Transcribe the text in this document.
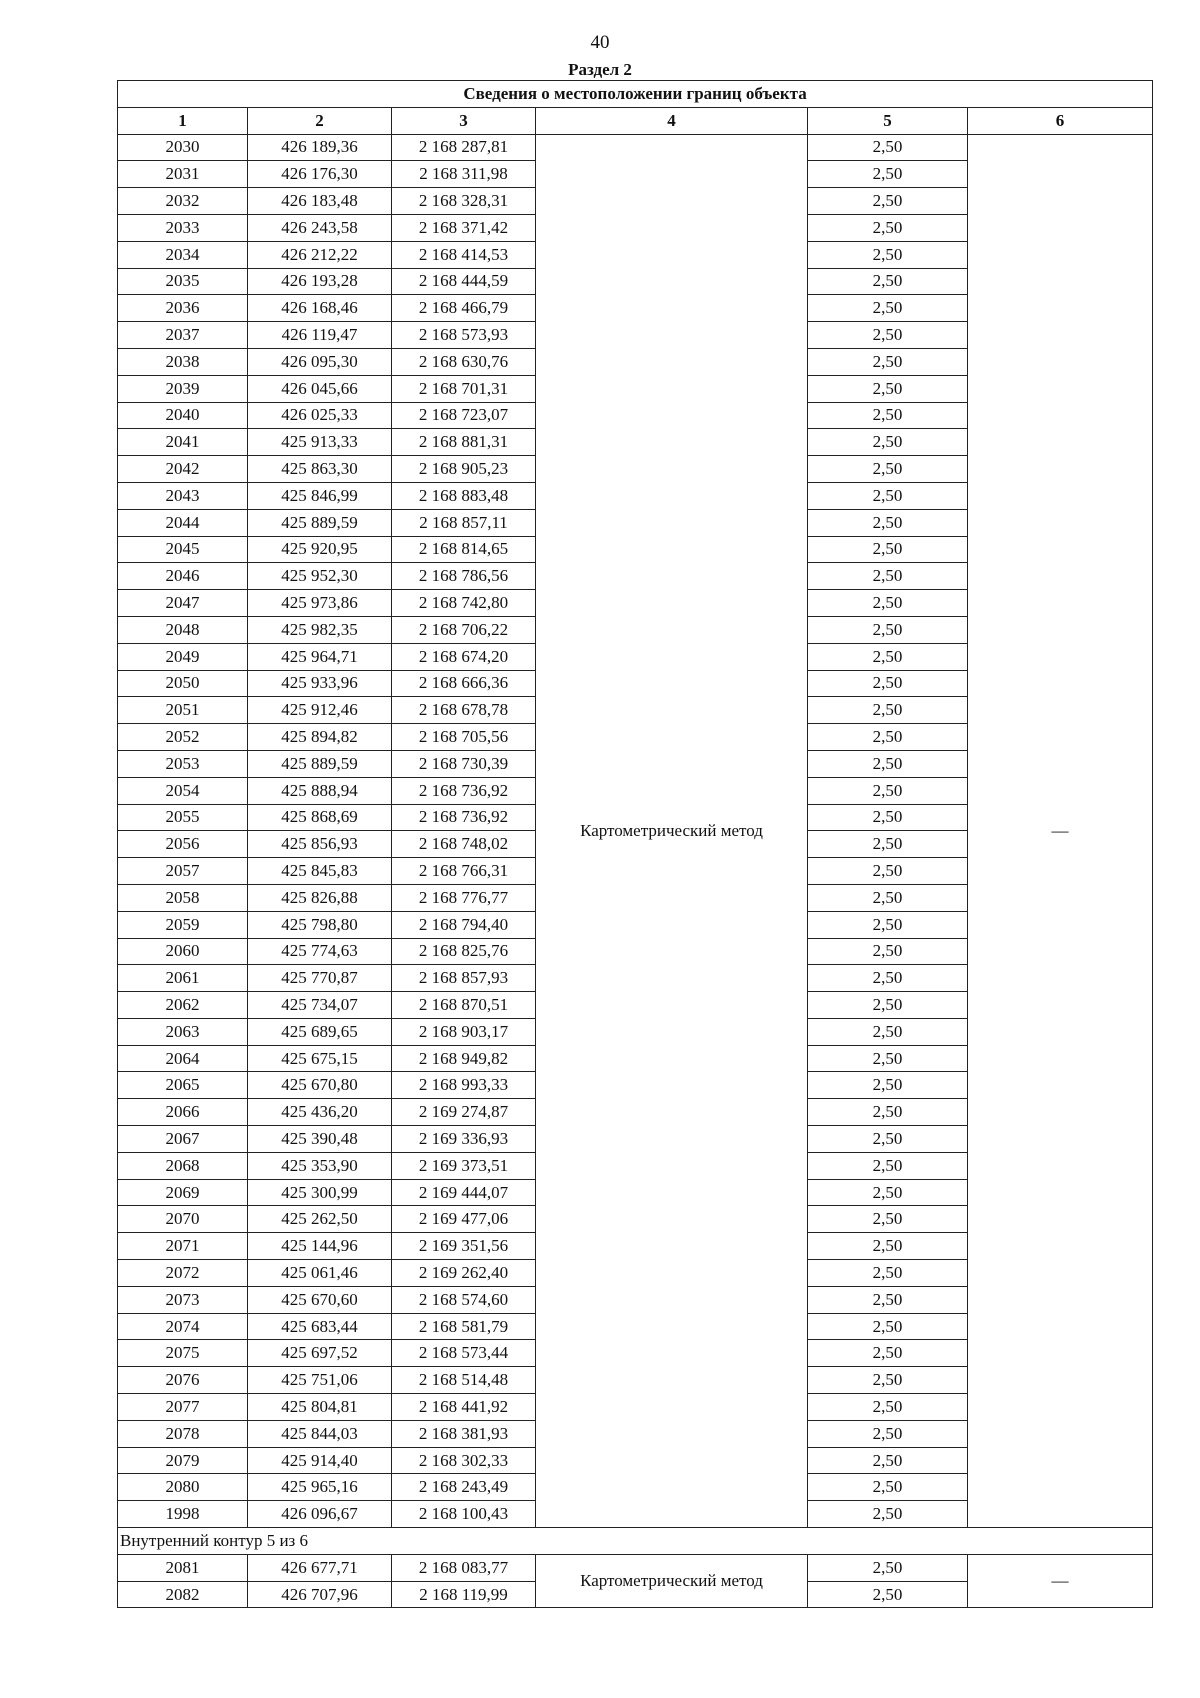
40
Раздел 2
Сведения о местоположении границ объекта					
1	2	3	4	5	6
2030	426 189,36	2 168 287,81	Картометрический метод	2,50	—
2031	426 176,30	2 168 311,98		2,50	
2032	426 183,48	2 168 328,31		2,50	
2033	426 243,58	2 168 371,42		2,50	
2034	426 212,22	2 168 414,53		2,50	
2035	426 193,28	2 168 444,59		2,50	
2036	426 168,46	2 168 466,79		2,50	
2037	426 119,47	2 168 573,93		2,50	
2038	426 095,30	2 168 630,76		2,50	
2039	426 045,66	2 168 701,31		2,50	
2040	426 025,33	2 168 723,07		2,50	
2041	425 913,33	2 168 881,31		2,50	
2042	425 863,30	2 168 905,23		2,50	
2043	425 846,99	2 168 883,48		2,50	
2044	425 889,59	2 168 857,11		2,50	
2045	425 920,95	2 168 814,65		2,50	
2046	425 952,30	2 168 786,56		2,50	
2047	425 973,86	2 168 742,80		2,50	
2048	425 982,35	2 168 706,22		2,50	
2049	425 964,71	2 168 674,20		2,50	
2050	425 933,96	2 168 666,36		2,50	
2051	425 912,46	2 168 678,78		2,50	
2052	425 894,82	2 168 705,56		2,50	
2053	425 889,59	2 168 730,39		2,50	
2054	425 888,94	2 168 736,92		2,50	
2055	425 868,69	2 168 736,92		2,50	
2056	425 856,93	2 168 748,02		2,50	
2057	425 845,83	2 168 766,31		2,50	
2058	425 826,88	2 168 776,77		2,50	
2059	425 798,80	2 168 794,40		2,50	
2060	425 774,63	2 168 825,76		2,50	
2061	425 770,87	2 168 857,93		2,50	
2062	425 734,07	2 168 870,51		2,50	
2063	425 689,65	2 168 903,17		2,50	
2064	425 675,15	2 168 949,82		2,50	
2065	425 670,80	2 168 993,33		2,50	
2066	425 436,20	2 169 274,87		2,50	
2067	425 390,48	2 169 336,93		2,50	
2068	425 353,90	2 169 373,51		2,50	
2069	425 300,99	2 169 444,07		2,50	
2070	425 262,50	2 169 477,06		2,50	
2071	425 144,96	2 169 351,56		2,50	
2072	425 061,46	2 169 262,40		2,50	
2073	425 670,60	2 168 574,60		2,50	
2074	425 683,44	2 168 581,79		2,50	
2075	425 697,52	2 168 573,44		2,50	
2076	425 751,06	2 168 514,48		2,50	
2077	425 804,81	2 168 441,92		2,50	
2078	425 844,03	2 168 381,93		2,50	
2079	425 914,40	2 168 302,33		2,50	
2080	425 965,16	2 168 243,49		2,50	
1998	426 096,67	2 168 100,43		2,50	
Внутренний контур 5 из 6					
2081	426 677,71	2 168 083,77	Картометрический метод	2,50	—
2082	426 707,96	2 168 119,99		2,50	
